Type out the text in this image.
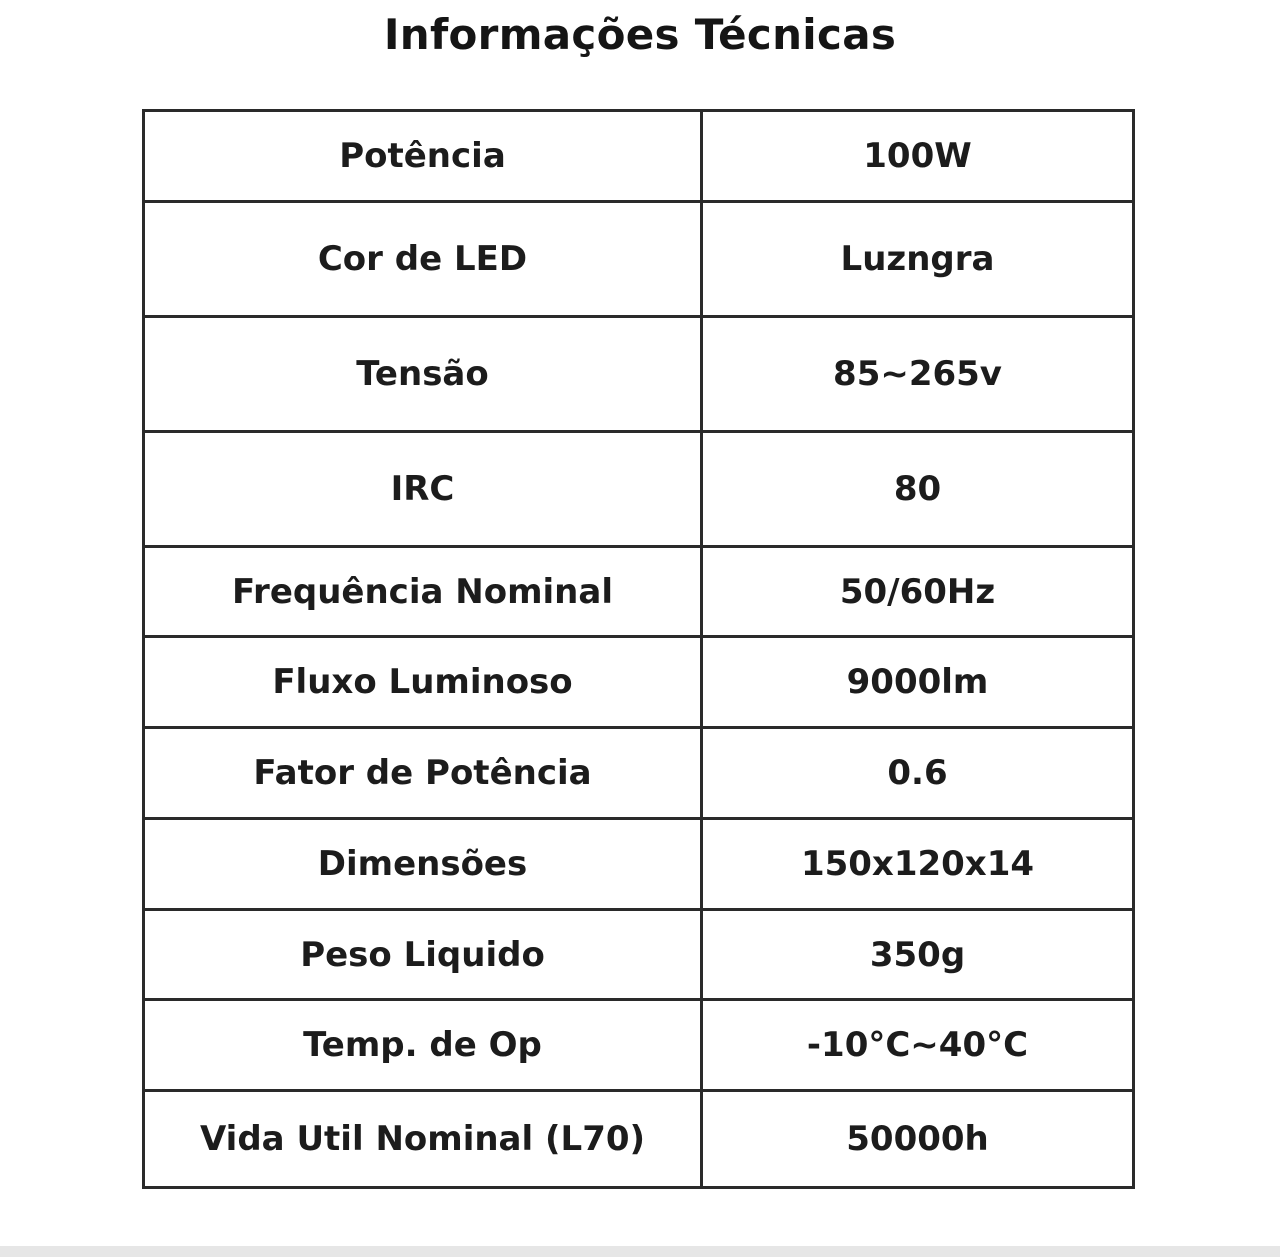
Informações Técnicas
Potência	100W
Cor de LED	Luzngra
Tensão	85~265v
IRC	80
Frequência Nominal	50/60Hz
Fluxo Luminoso	9000lm
Fator de Potência	0.6
Dimensões	150x120x14
Peso Liquido	350g
Temp. de Op	-10°C~40°C
Vida Util Nominal (L70)	50000h
